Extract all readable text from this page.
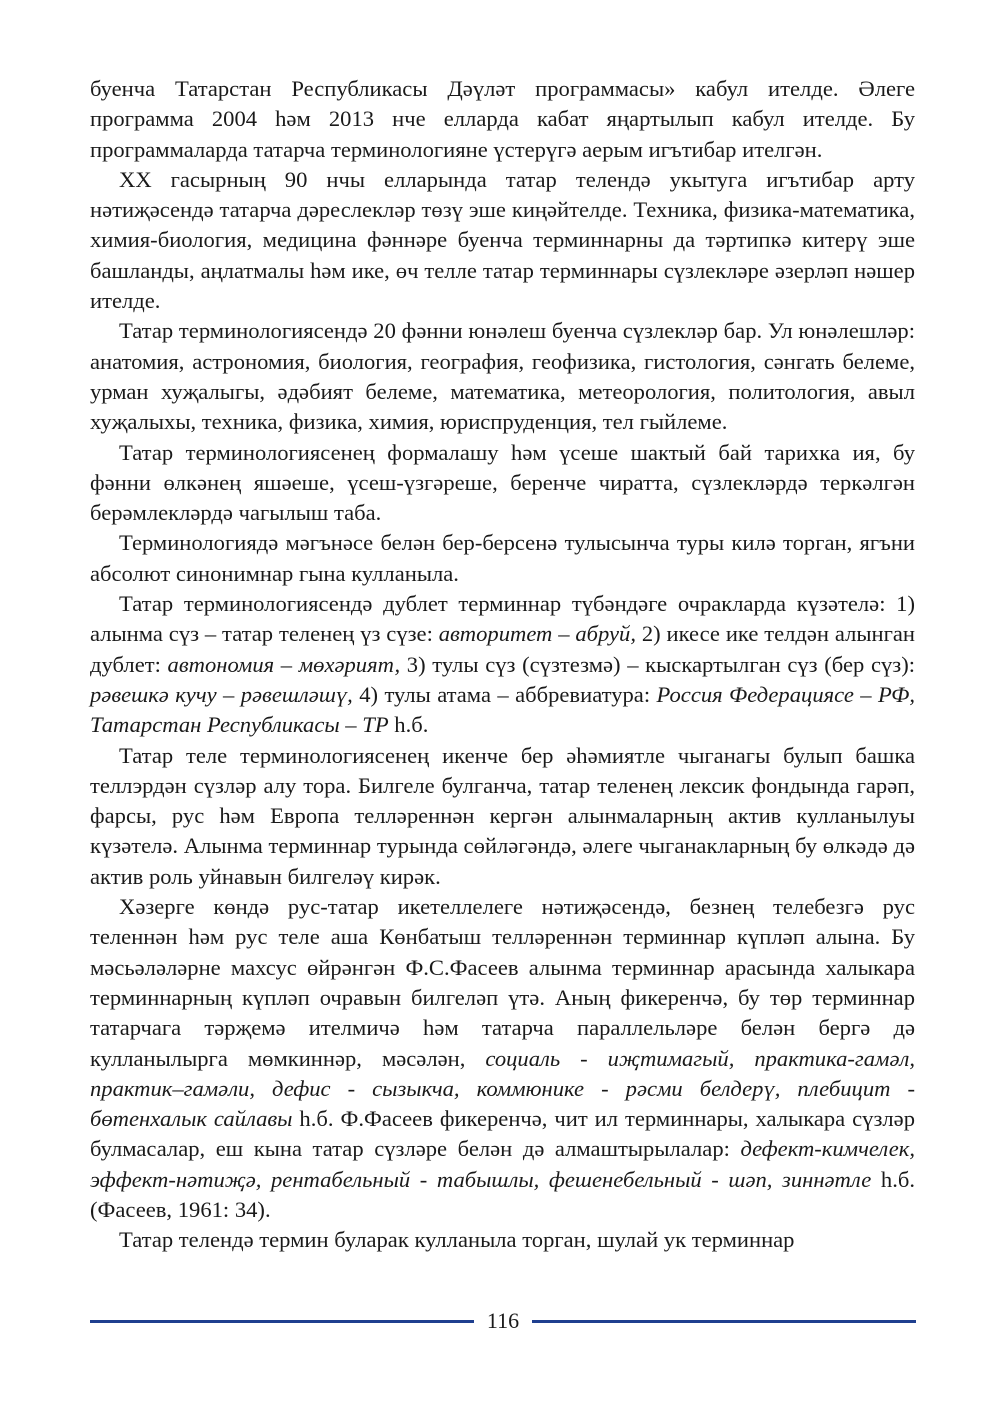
буенча Татарстан Республикасы Дәүләт программасы» кабул ителде. Әлеге программа 2004 һәм 2013 нче елларда кабат яңартылып кабул ителде. Бу программаларда татарча терминологияне үстерүгә аерым игътибар ителгән.

XX гасырның 90 нчы елларында татар телендә укытуга игътибар арту нәтиҗәсендә татарча дәреслекләр төзү эше киңәйтелде. Техника, физика-математика, химия-биология, медицина фәннәре буенча терминнарны да тәртипкә китерү эше башланды, аңлатмалы һәм ике, өч телле татар терминнары сүзлекләре әзерләп нәшер ителде.

Татар терминологиясендә 20 фәнни юнәлеш буенча сүзлекләр бар. Ул юнәлешләр: анатомия, астрономия, биология, география, геофизика, гистология, сәнгать белеме, урман хуҗалыгы, әдәбият белеме, математика, метеорология, политология, авыл хуҗалыхы, техника, физика, химия, юриспруденция, тел гыйлеме.

Татар терминологиясенең формалашу һәм үсеше шактый бай тарихка ия, бу фәнни өлкәнең яшәеше, үсеш-үзгәреше, беренче чиратта, сүзлекләрдә теркәлгән берәмлекләрдә чагылыш таба.

Терминологиядә мәгънәсе белән бер-берсенә тулысынча туры килә торган, ягъни абсолют синонимнар гына кулланыла.

Татар терминологиясендә дублет терминнар түбәндәге очракларда күзәтелә: 1) алынма сүз – татар теленең үз сүзе: авторитет – абруй, 2) икесе ике телдән алынган дублет: автономия – мөхәрият, 3) тулы сүз (сүзтезмә) – кыскартылган сүз (бер сүз): рәвешкә кучу – рәвешләшү, 4) тулы атама – аббревиатура: Россия Федерациясе – РФ, Татарстан Республикасы – ТР һ.б.

Татар теле терминологиясенең икенче бер әһәмиятле чыганагы булып башка теллэрдән сүзләр алу тора. Билгеле булганча, татар теленең лексик фондында гарәп, фарсы, рус һәм Европа телләреннән кергән алынмаларның актив кулланылуы күзәтелә. Алынма терминнар турында сөйләгәндә, әлеге чыганакларның бу өлкәдә дә актив роль уйнавын билгеләү кирәк.

Хәзерге көндә рус-татар икетеллелеге нәтиҗәсендә, безнең телебезгә рус теленнән һәм рус теле аша Көнбатыш телләреннән терминнар күпләп алына. Бу мәсьәләләрне махсус өйрәнгән Ф.С.Фасеев алынма терминнар арасында халыкара терминнарның күпләп очравын билгеләп үтә. Аның фикеренчә, бу төр терминнар татарчага тәрҗемә ителмичә һәм татарча параллельләре белән бергә дә кулланылырга мөмкиннәр, мәсәлән, социаль - иҗтимагый, практика-гамәл, практик–гамәли, дефис - сызыкча, коммюнике - рәсми белдерү, плебицит - бөтенхалык сайлавы һ.б. Ф.Фасеев фикеренчә, чит ил терминнары, халыкара сүзләр булмасалар, еш кына татар сүзләре белән дә алмаштырылалар: дефект-кимчелек, эффект-нәтиҗә, рентабельный - табышлы, фешенебельный - шәп, зиннәтле һ.б. (Фасеев, 1961: 34).

Татар телендә термин буларак кулланыла торган, шулай ук терминнар

116
